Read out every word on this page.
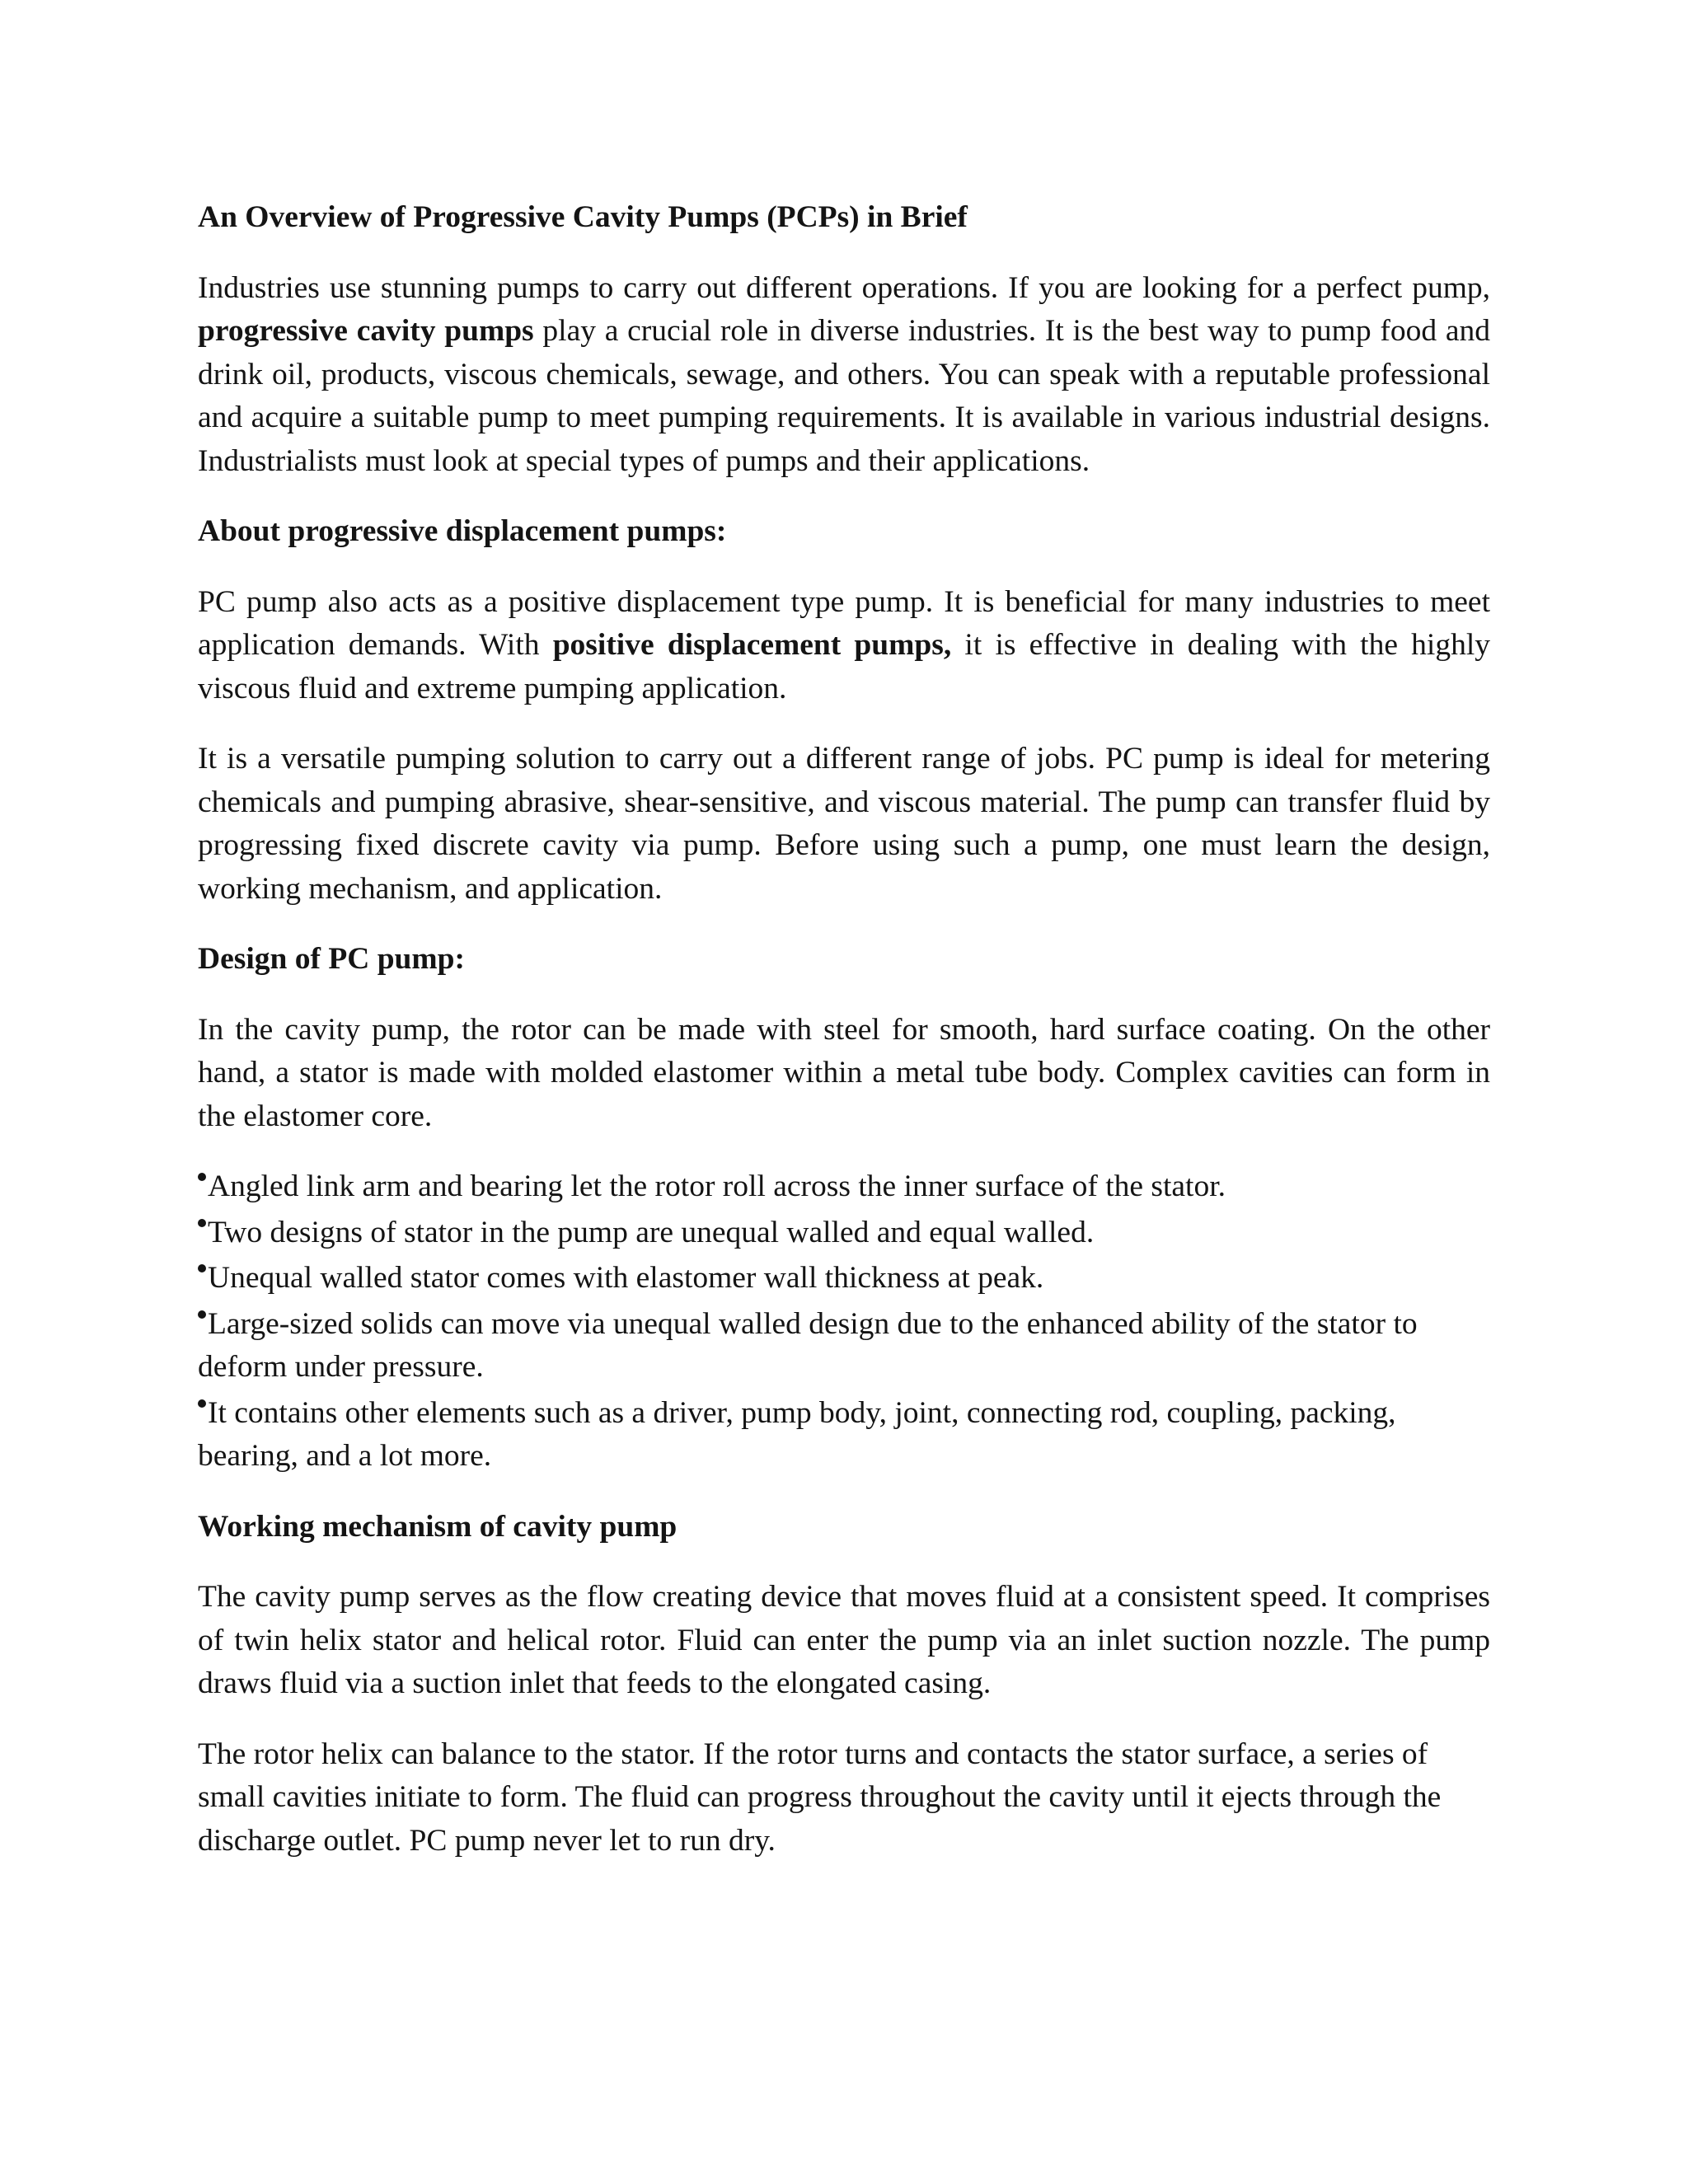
An Overview of Progressive Cavity Pumps (PCPs) in Brief

Industries use stunning pumps to carry out different operations. If you are looking for a perfect pump, progressive cavity pumps play a crucial role in diverse industries. It is the best way to pump food and drink oil, products, viscous chemicals, sewage, and others. You can speak with a reputable professional and acquire a suitable pump to meet pumping requirements. It is available in various industrial designs. Industrialists must look at special types of pumps and their applications.

About progressive displacement pumps:

PC pump also acts as a positive displacement type pump. It is beneficial for many industries to meet application demands. With positive displacement pumps, it is effective in dealing with the highly viscous fluid and extreme pumping application.

It is a versatile pumping solution to carry out a different range of jobs. PC pump is ideal for metering chemicals and pumping abrasive, shear-sensitive, and viscous material. The pump can transfer fluid by progressing fixed discrete cavity via pump. Before using such a pump, one must learn the design, working mechanism, and application.

Design of PC pump:

In the cavity pump, the rotor can be made with steel for smooth, hard surface coating. On the other hand, a stator is made with molded elastomer within a metal tube body. Complex cavities can form in the elastomer core.

Angled link arm and bearing let the rotor roll across the inner surface of the stator.
Two designs of stator in the pump are unequal walled and equal walled.
Unequal walled stator comes with elastomer wall thickness at peak.
Large-sized solids can move via unequal walled design due to the enhanced ability of the stator to deform under pressure.
It contains other elements such as a driver, pump body, joint, connecting rod, coupling, packing, bearing, and a lot more.
Working mechanism of cavity pump

The cavity pump serves as the flow creating device that moves fluid at a consistent speed. It comprises of twin helix stator and helical rotor. Fluid can enter the pump via an inlet suction nozzle. The pump draws fluid via a suction inlet that feeds to the elongated casing.

The rotor helix can balance to the stator. If the rotor turns and contacts the stator surface, a series of small cavities initiate to form. The fluid can progress throughout the cavity until it ejects through the discharge outlet. PC pump never let to run dry.
